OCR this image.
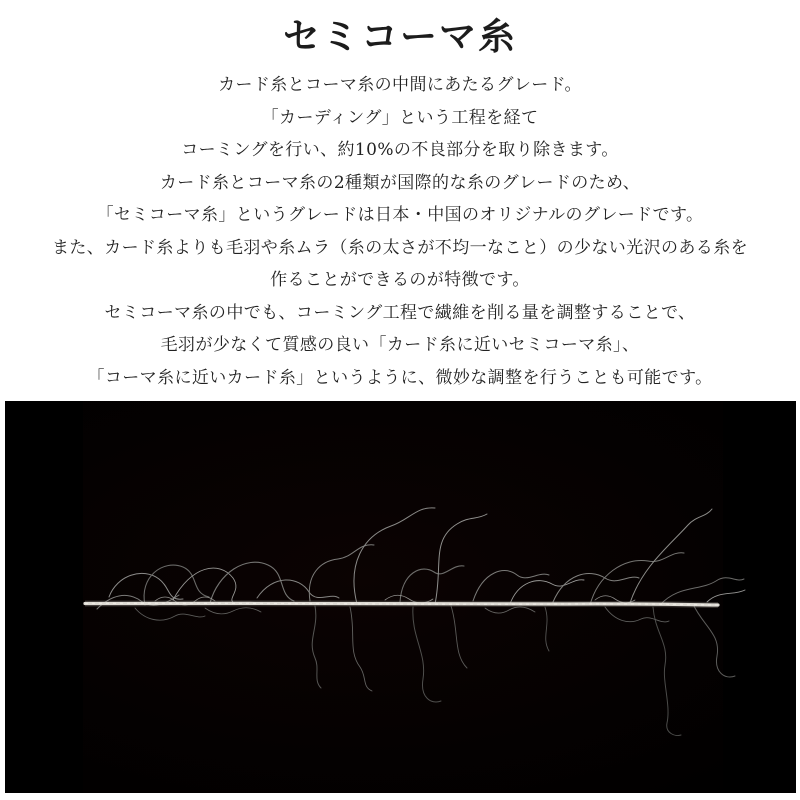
セミコーマ糸

カード糸とコーマ糸の中間にあたるグレード。

「カーディング」という工程を経て

コーミングを行い、約10%の不良部分を取り除きます。

カード糸とコーマ糸の2種類が国際的な糸のグレードのため、

「セミコーマ糸」というグレードは日本・中国のオリジナルのグレードです。

また、カード糸よりも毛羽や糸ムラ（糸の太さが不均一なこと）の少ない光沢のある糸を

作ることができるのが特徴です。

セミコーマ糸の中でも、コーミング工程で繊維を削る量を調整することで、

毛羽が少なくて質感の良い「カード糸に近いセミコーマ糸」、

「コーマ糸に近いカード糸」というように、微妙な調整を行うことも可能です。
